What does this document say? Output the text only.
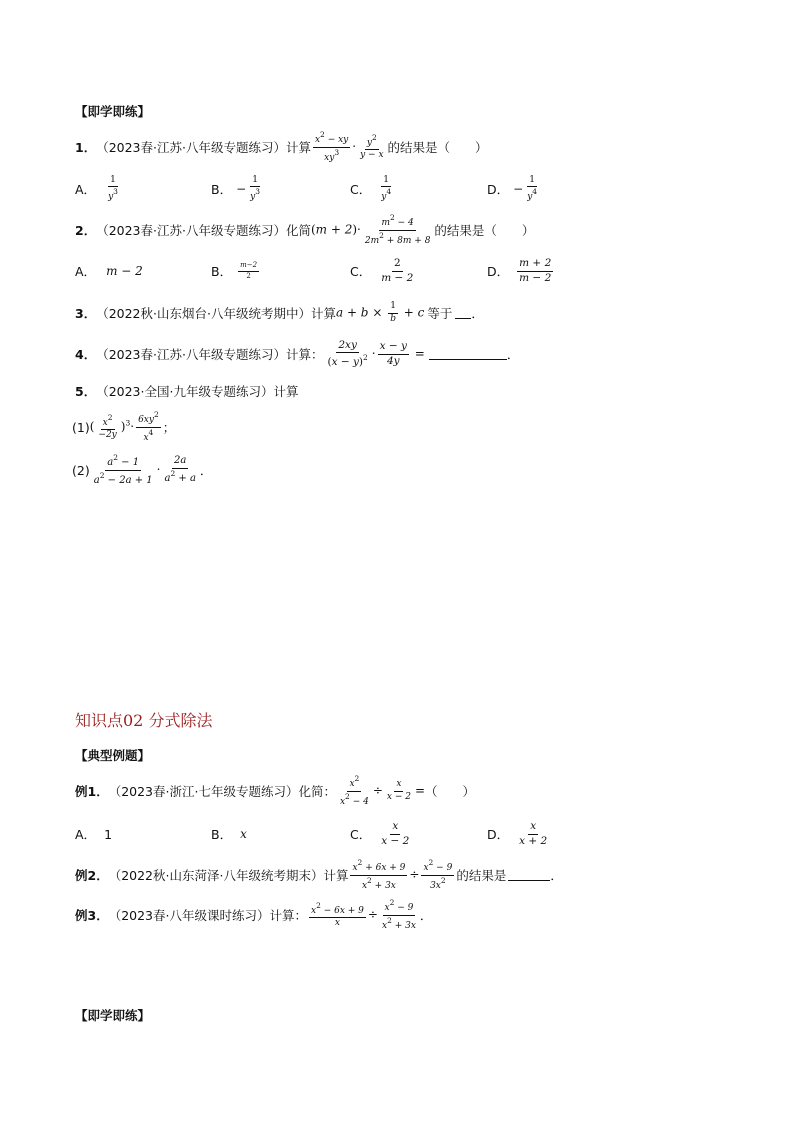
【即学即练】
1． （2023春·江苏·八年级专题练习）计算 $\frac{x^2 - xy}{xy^3} \cdot \frac{y^2}{y - x}$ 的结果是（　　）
A． $\frac{1}{y^3}$	B． − $\frac{1}{y^3}$	C． $\frac{1}{y^4}$	D． − $\frac{1}{y^4}$
2． （2023春·江苏·八年级专题练习）化简 $(m + 2)\cdot \frac{m^2 - 4}{2m^2 + 8m + 8}$ 的结果是（　　）
A． m − 2	B． $\frac{m-2}{2}$	C． $\frac{2}{m - 2}$	D． $\frac{m + 2}{m - 2}$
3． （2022秋·山东烟台·八年级统考期中）计算 $a + b \times \frac{1}{b} + c$ 等于 ．
4． （2023春·江苏·八年级专题练习）计算： $\frac{2xy}{(x - y)^2} \cdot \frac{x - y}{4y}$ =	．
5． （2023·全国·九年级专题练习）计算
(1) ( $\frac{x^2}{-2y} )^3\cdot \frac{6xy^2}{x^4}$ ；
$(2) \frac{a^2 - 1}{a^2 - 2a + 1} \cdot \frac{2a}{a^2 + a}$ ．
知识点02 分式除法
【典型例题】
例1． （2023春·浙江·七年级专题练习）化简： $\frac{x^2}{x^2 - 4} \div \frac{x}{x - 2}$ = （　　）
A． 1	B． x	C． $\frac{x}{x - 2}$	D． $\frac{x}{x + 2}$
例2． （2022秋·山东菏泽·八年级统考期末）计算 $\frac{x^2 + 6x + 9}{x^2 + 3x} \div \frac{x^2 - 9}{3x^2}$ 的结果是	．
例3． （2023春·八年级课时练习）计算： $\frac{x^2 - 6x + 9}{x} \div \frac{x^2 - 9}{x^2 + 3x}$ ．
【即学即练】
